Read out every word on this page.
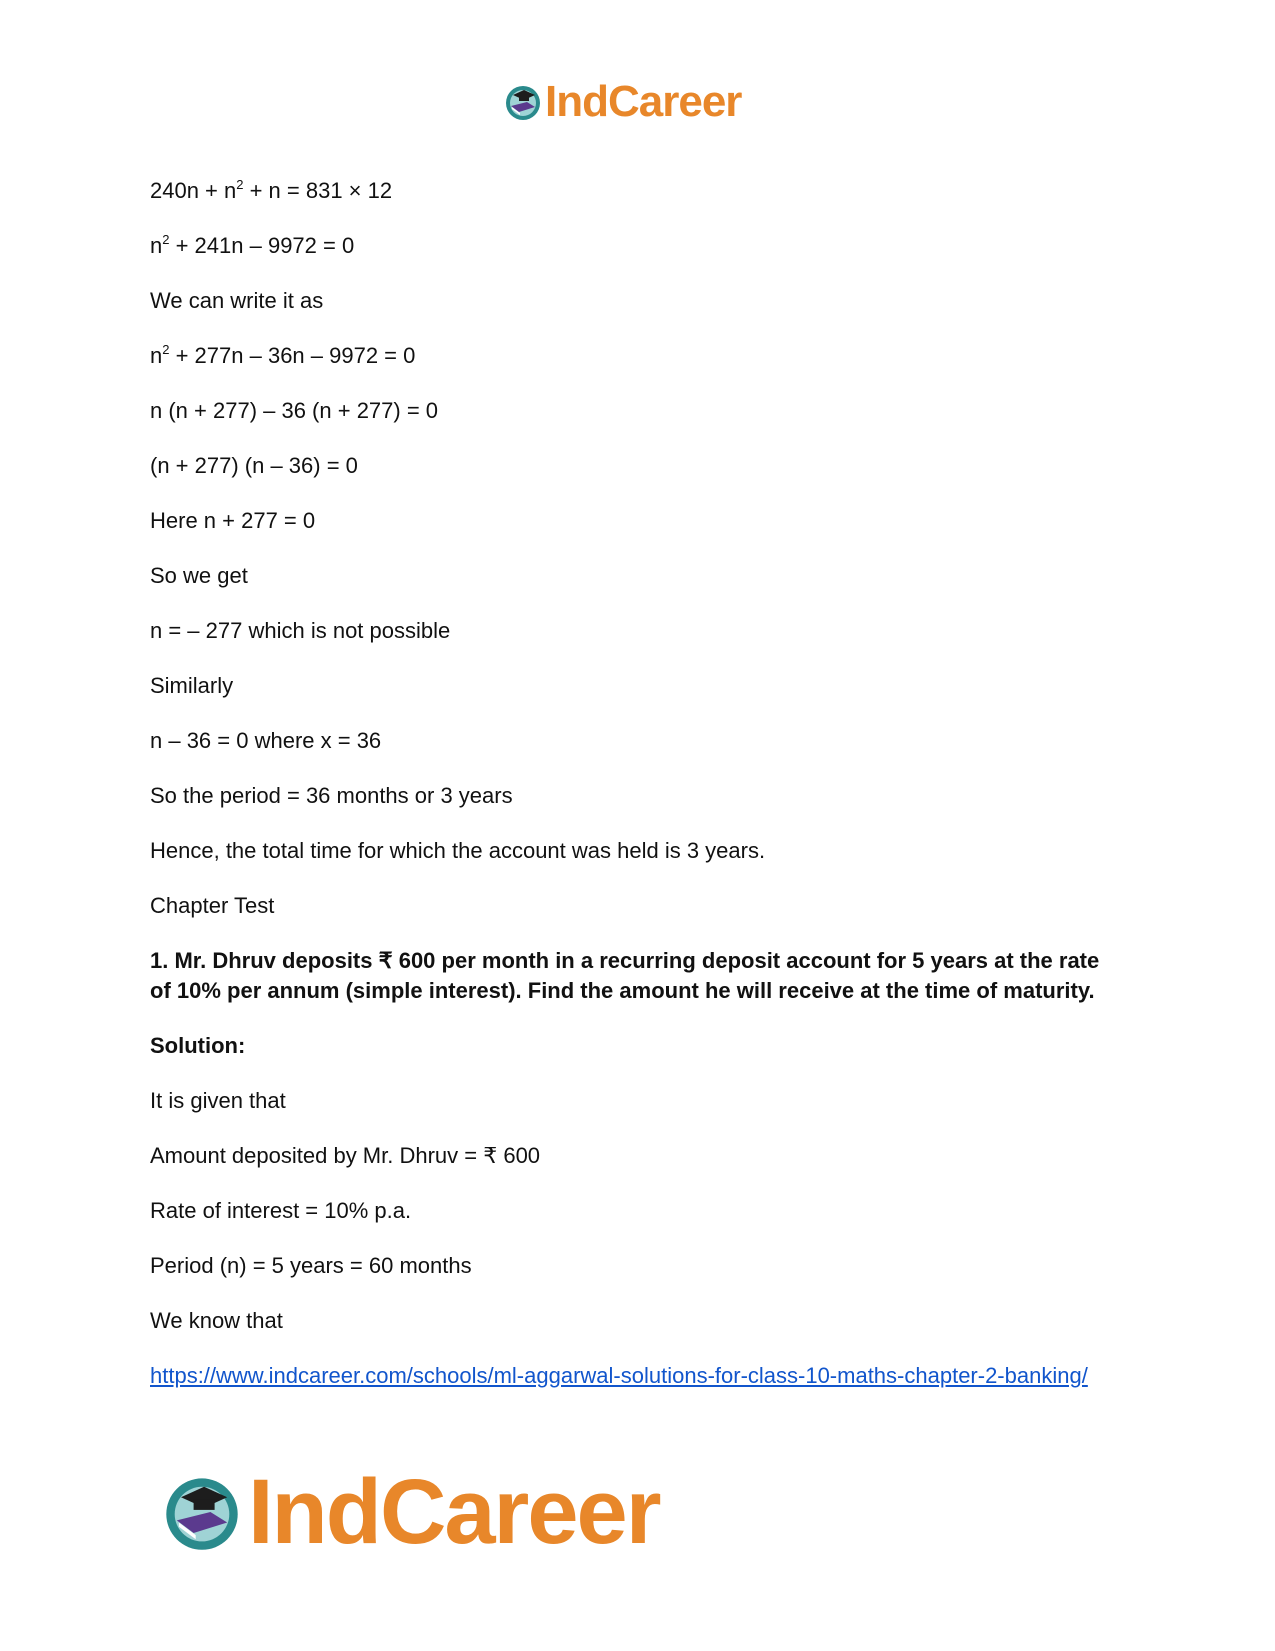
IndCareer

$240n + n^2 + n = 831 \times 12$

$n^2 + 241n - 9972 = 0$

We can write it as

$n^2 + 277n - 36n - 9972 = 0$

n (n + 277) – 36 (n + 277) = 0

(n + 277) (n – 36) = 0

Here n + 277 = 0

So we get

n = – 277 which is not possible

Similarly

n – 36 = 0 where x = 36

So the period = 36 months or 3 years

Hence, the total time for which the account was held is 3 years.

Chapter Test

1. Mr. Dhruv deposits ₹ 600 per month in a recurring deposit account for 5 years at the rate of 10% per annum (simple interest). Find the amount he will receive at the time of maturity.

Solution:

It is given that

Amount deposited by Mr. Dhruv = ₹ 600

Rate of interest = 10% p.a.

Period (n) = 5 years = 60 months

We know that

https://www.indcareer.com/schools/ml-aggarwal-solutions-for-class-10-maths-chapter-2-banking/
IndCareer
